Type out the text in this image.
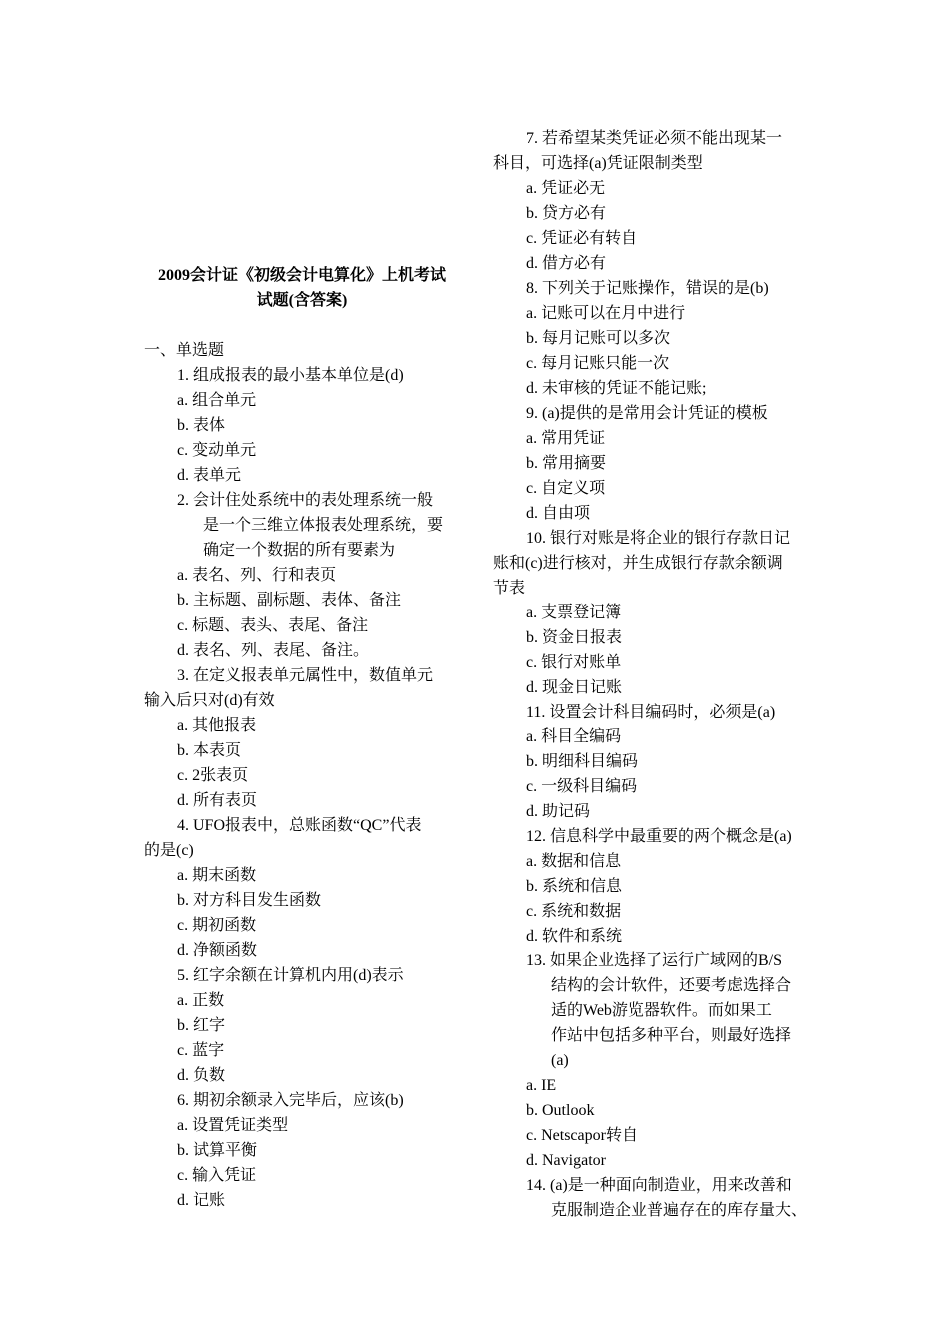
2009会计证《初级会计电算化》上机考试
试题(含答案)
一、单选题
1. 组成报表的最小基本单位是(d)
a. 组合单元
b. 表体
c. 变动单元
d. 表单元
2. 会计住处系统中的表处理系统一般
是一个三维立体报表处理系统，要
确定一个数据的所有要素为
a. 表名、列、行和表页
b. 主标题、副标题、表体、备注
c. 标题、表头、表尾、备注
d. 表名、列、表尾、备注。
3. 在定义报表单元属性中，数值单元
输入后只对(d)有效
a. 其他报表
b. 本表页
c. 2张表页
d. 所有表页
4. UFO报表中，总账函数“QC”代表
的是(c)
a. 期末函数
b. 对方科目发生函数
c. 期初函数
d. 净额函数
5. 红字余额在计算机内用(d)表示
a. 正数
b. 红字
c. 蓝字
d. 负数
6. 期初余额录入完毕后，应该(b)
a. 设置凭证类型
b. 试算平衡
c. 输入凭证
d. 记账
7. 若希望某类凭证必须不能出现某一
科目，可选择(a)凭证限制类型
a. 凭证必无
b. 贷方必有
c. 凭证必有转自
d. 借方必有
8. 下列关于记账操作，错误的是(b)
a. 记账可以在月中进行
b. 每月记账可以多次
c. 每月记账只能一次
d. 未审核的凭证不能记账;
9. (a)提供的是常用会计凭证的模板
a. 常用凭证
b. 常用摘要
c. 自定义项
d. 自由项
10. 银行对账是将企业的银行存款日记
账和(c)进行核对，并生成银行存款余额调
节表
a. 支票登记簿
b. 资金日报表
c. 银行对账单
d. 现金日记账
11. 设置会计科目编码时，必须是(a)
a. 科目全编码
b. 明细科目编码
c. 一级科目编码
d. 助记码
12. 信息科学中最重要的两个概念是(a)
a. 数据和信息
b. 系统和信息
c. 系统和数据
d. 软件和系统
13. 如果企业选择了运行广域网的B/S
结构的会计软件，还要考虑选择合
适的Web游览器软件。而如果工
作站中包括多种平台，则最好选择
(a)
a. IE
b. Outlook
c. Netscapor转自
d. Navigator
14. (a)是一种面向制造业，用来改善和
克服制造企业普遍存在的库存量大、
